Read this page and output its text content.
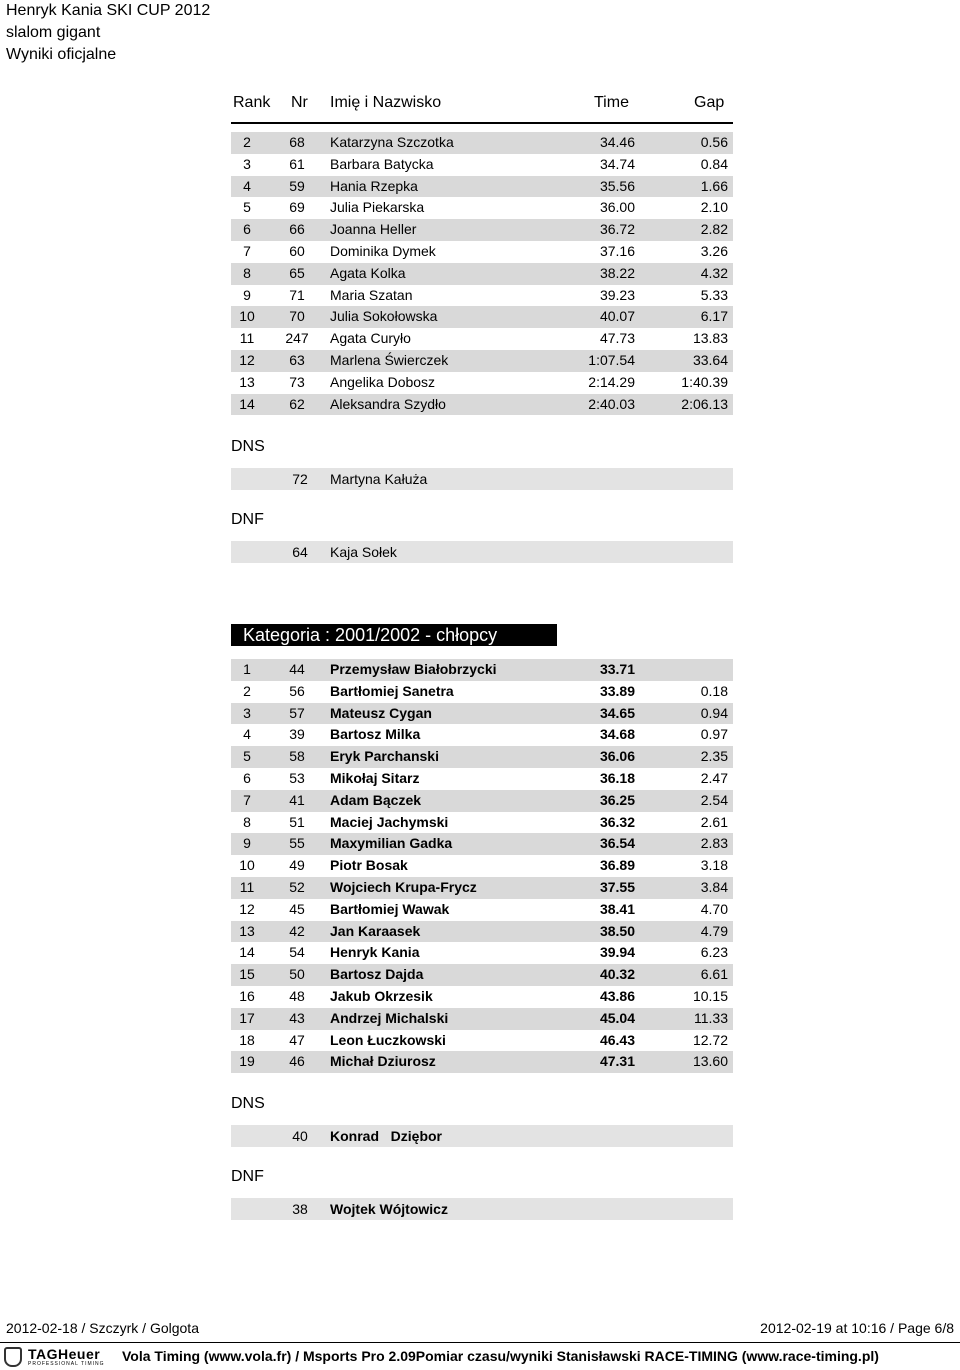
Henryk Kania SKI CUP 2012
slalom gigant
Wyniki oficjalne
Rank Nr Imię i Nazwisko	Time	Gap
2	68	Katarzyna Szczotka	34.46	0.56
3	61	Barbara Batycka	34.74	0.84
4	59	Hania Rzepka	35.56	1.66
5	69	Julia Piekarska	36.00	2.10
6	66	Joanna Heller	36.72	2.82
7	60	Dominika Dymek	37.16	3.26
8	65	Agata Kolka	38.22	4.32
9	71	Maria Szatan	39.23	5.33
10	70	Julia Sokołowska	40.07	6.17
11	247	Agata Curyło	47.73	13.83
12	63	Marlena Świerczek	1:07.54	33.64
13	73	Angelika Dobosz	2:14.29	1:40.39
14	62	Aleksandra Szydło	2:40.03	2:06.13
DNS
72	Martyna Kałuża
DNF
64	Kaja Sołek
Kategoria : 2001/2002 - chłopcy
1	44	Przemysław Białobrzycki	33.71
2	56	Bartłomiej Sanetra	33.89	0.18
3	57	Mateusz Cygan	34.65	0.94
4	39	Bartosz Milka	34.68	0.97
5	58	Eryk Parchanski	36.06	2.35
6	53	Mikołaj Sitarz	36.18	2.47
7	41	Adam Bączek	36.25	2.54
8	51	Maciej Jachymski	36.32	2.61
9	55	Maxymilian Gadka	36.54	2.83
10	49	Piotr Bosak	36.89	3.18
11	52	Wojciech Krupa-Frycz	37.55	3.84
12	45	Bartłomiej Wawak	38.41	4.70
13	42	Jan Karaasek	38.50	4.79
14	54	Henryk Kania	39.94	6.23
15	50	Bartosz Dajda	40.32	6.61
16	48	Jakub Okrzesik	43.86	10.15
17	43	Andrzej Michalski	45.04	11.33
18	47	Leon Łuczkowski	46.43	12.72
19	46	Michał Dziurosz	47.31	13.60
DNS
40	Konrad   Dziębor
DNF
38	Wojtek Wójtowicz
2012-02-18 / Szczyrk / Golgota	2012-02-19 at 10:16 / Page 6/8
TAGHeuer
PROFESSIONAL TIMING Vola Timing (www.vola.fr) / Msports Pro 2.09Pomiar czasu/wyniki Stanisławski RACE-TIMING (www.race-timing.pl)
